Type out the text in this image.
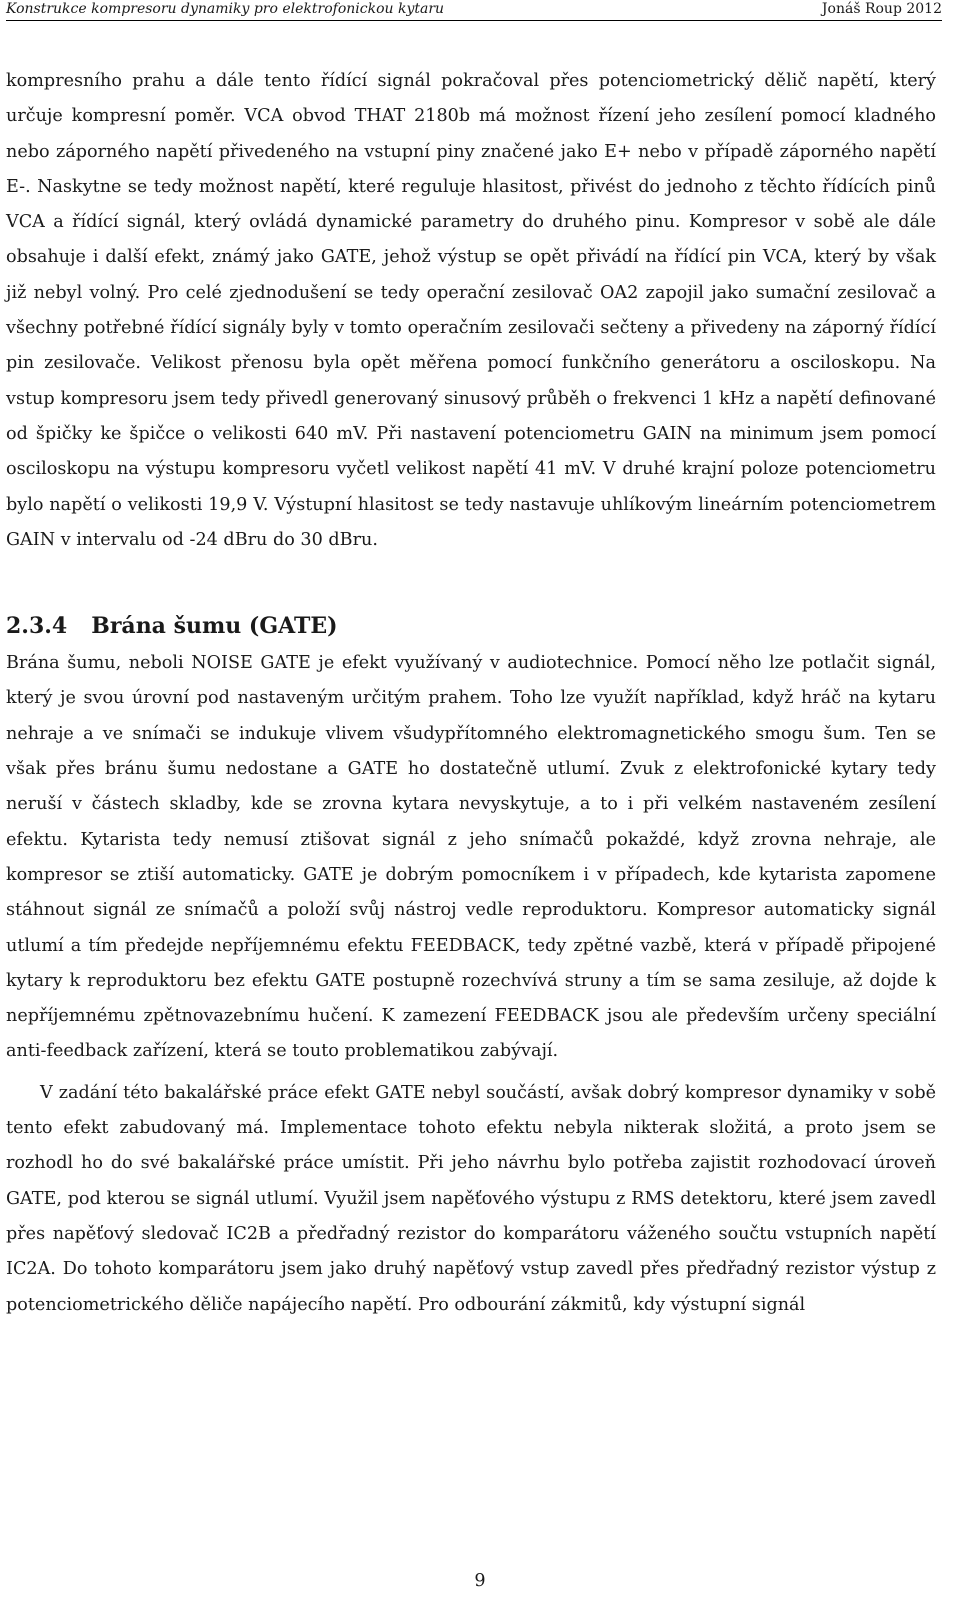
Konstrukce kompresoru dynamiky pro elektrofonickou kytaru	Jonáš Roup 2012

kompresního prahu a dále tento řídící signál pokračoval přes potenciometrický dělič napětí, který určuje kompresní poměr. VCA obvod THAT 2180b má možnost řízení jeho zesílení pomocí kladného nebo záporného napětí přivedeného na vstupní piny značené jako E+ nebo v případě záporného napětí E-. Naskytne se tedy možnost napětí, které reguluje hlasitost, přivést do jednoho z těchto řídících pinů VCA a řídící signál, který ovládá dynamické parametry do druhého pinu. Kompresor v sobě ale dále obsahuje i další efekt, známý jako GATE, jehož výstup se opět přivádí na řídící pin VCA, který by však již nebyl volný. Pro celé zjednodušení se tedy operační zesilovač OA2 zapojil jako sumační zesilovač a všechny potřebné řídící signály byly v tomto operačním zesilovači sečteny a přivedeny na záporný řídící pin zesilovače. Velikost přenosu byla opět měřena pomocí funkčního generátoru a osciloskopu. Na vstup kompresoru jsem tedy přivedl generovaný sinusový průběh o frekvenci 1 kHz a napětí definované od špičky ke špičce o velikosti 640 mV. Při nastavení potenciometru GAIN na minimum jsem pomocí osciloskopu na výstupu kompresoru vyčetl velikost napětí 41 mV. V druhé krajní poloze potenciometru bylo napětí o velikosti 19,9 V. Výstupní hlasitost se tedy nastavuje uhlíkovým lineárním potenciometrem GAIN v intervalu od -24 dBru do 30 dBru.

2.3.4 Brána šumu (GATE)

Brána šumu, neboli NOISE GATE je efekt využívaný v audiotechnice. Pomocí něho lze potlačit signál, který je svou úrovní pod nastaveným určitým prahem. Toho lze využít například, když hráč na kytaru nehraje a ve snímači se indukuje vlivem všudypřítomného elektromagnetického smogu šum. Ten se však přes bránu šumu nedostane a GATE ho dostatečně utlumí. Zvuk z elektrofonické kytary tedy neruší v částech skladby, kde se zrovna kytara nevyskytuje, a to i při velkém nastaveném zesílení efektu. Kytarista tedy nemusí ztišovat signál z jeho snímačů pokaždé, když zrovna nehraje, ale kompresor se ztiší automaticky. GATE je dobrým pomocníkem i v případech, kde kytarista zapomene stáhnout signál ze snímačů a položí svůj nástroj vedle reproduktoru. Kompresor automaticky signál utlumí a tím předejde nepříjemnému efektu FEEDBACK, tedy zpětné vazbě, která v případě připojené kytary k reproduktoru bez efektu GATE postupně rozechvívá struny a tím se sama zesiluje, až dojde k nepříjemnému zpětnovazebnímu hučení. K zamezení FEEDBACK jsou ale především určeny speciální anti-feedback zařízení, která se touto problematikou zabývají.

V zadání této bakalářské práce efekt GATE nebyl součástí, avšak dobrý kompresor dynamiky v sobě tento efekt zabudovaný má. Implementace tohoto efektu nebyla nikterak složitá, a proto jsem se rozhodl ho do své bakalářské práce umístit. Při jeho návrhu bylo potřeba zajistit rozhodovací úroveň GATE, pod kterou se signál utlumí. Využil jsem napěťového výstupu z RMS detektoru, které jsem zavedl přes napěťový sledovač IC2B a předřadný rezistor do komparátoru váženého součtu vstupních napětí IC2A. Do tohoto komparátoru jsem jako druhý napěťový vstup zavedl přes předřadný rezistor výstup z potenciometrického děliče napájecího napětí. Pro odbourání zákmitů, kdy výstupní signál

9
